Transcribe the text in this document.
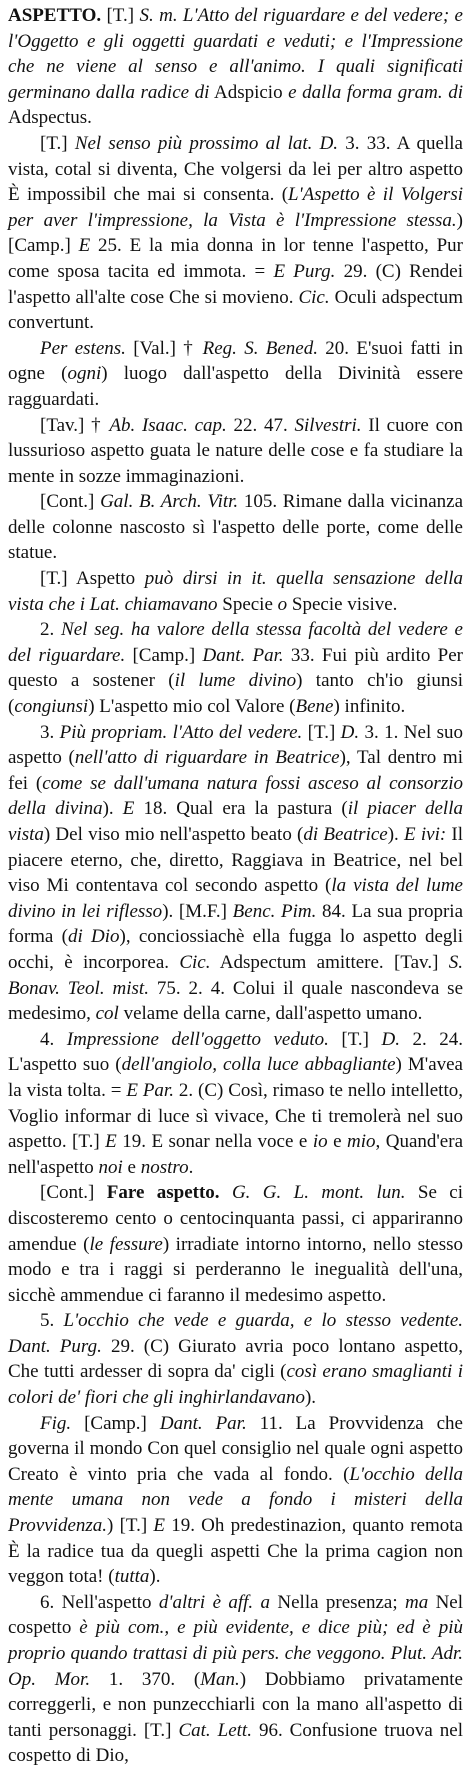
ASPETTO. [T.] S. m. L'Atto del riguardare e del vedere; e l'Oggetto e gli oggetti guardati e veduti; e l'Impressione che ne viene al senso e all'animo. I quali significati germinano dalla radice di Adspicio e dalla forma gram. di Adspectus.

[T.] Nel senso più prossimo al lat. D. 3. 33. A quella vista, cotal si diventa, Che volgersi da lei per altro aspetto È impossibil che mai si consenta. (L'Aspetto è il Volgersi per aver l'impressione, la Vista è l'Impressione stessa.) [Camp.] E 25. E la mia donna in lor tenne l'aspetto, Pur come sposa tacita ed immota. = E Purg. 29. (C) Rendei l'aspetto all'alte cose Che si movieno. Cic. Oculi adspectum convertunt.

Per estens. [Val.] † Reg. S. Bened. 20. E'suoi fatti in ogne (ogni) luogo dall'aspetto della Divinità essere ragguardati.

[Tav.] † Ab. Isaac. cap. 22. 47. Silvestri. Il cuore con lussurioso aspetto guata le nature delle cose e fa studiare la mente in sozze immaginazioni.

[Cont.] Gal. B. Arch. Vitr. 105. Rimane dalla vicinanza delle colonne nascosto sì l'aspetto delle porte, come delle statue.

[T.] Aspetto può dirsi in it. quella sensazione della vista che i Lat. chiamavano Specie o Specie visive.

2. Nel seg. ha valore della stessa facoltà del vedere e del riguardare. [Camp.] Dant. Par. 33. Fui più ardito Per questo a sostener (il lume divino) tanto ch'io giunsi (congiunsi) L'aspetto mio col Valore (Bene) infinito.

3. Più propriam. l'Atto del vedere. [T.] D. 3. 1. Nel suo aspetto (nell'atto di riguardare in Beatrice), Tal dentro mi fei (come se dall'umana natura fossi asceso al consorzio della divina). E 18. Qual era la pastura (il piacer della vista) Del viso mio nell'aspetto beato (di Beatrice). E ivi: Il piacere eterno, che, diretto, Raggiava in Beatrice, nel bel viso Mi contentava col secondo aspetto (la vista del lume divino in lei riflesso). [M.F.] Benc. Pim. 84. La sua propria forma (di Dio), conciossiachè ella fugga lo aspetto degli occhi, è incorporea. Cic. Adspectum amittere. [Tav.] S. Bonav. Teol. mist. 75. 2. 4. Colui il quale nascondeva se medesimo, col velame della carne, dall'aspetto umano.

4. Impressione dell'oggetto veduto. [T.] D. 2. 24. L'aspetto suo (dell'angiolo, colla luce abbagliante) M'avea la vista tolta. = E Par. 2. (C) Così, rimaso te nello intelletto, Voglio informar di luce sì vivace, Che ti tremolerà nel suo aspetto. [T.] E 19. E sonar nella voce e io e mio, Quand'era nell'aspetto noi e nostro.

[Cont.] Fare aspetto. G. G. L. mont. lun. Se ci discosteremo cento o centocinquanta passi, ci appariranno amendue (le fessure) irradiate intorno intorno, nello stesso modo e tra i raggi si perderanno le inegualità dell'una, sicchè ammendue ci faranno il medesimo aspetto.

5. L'occhio che vede e guarda, e lo stesso vedente. Dant. Purg. 29. (C) Giurato avria poco lontano aspetto, Che tutti ardesser di sopra da' cigli (così erano smaglianti i colori de' fiori che gli inghirlandavano).

Fig. [Camp.] Dant. Par. 11. La Provvidenza che governa il mondo Con quel consiglio nel quale ogni aspetto Creato è vinto pria che vada al fondo. (L'occhio della mente umana non vede a fondo i misteri della Provvidenza.) [T.] E 19. Oh predestinazion, quanto remota È la radice tua da quegli aspetti Che la prima cagion non veggon tota! (tutta).

6. Nell'aspetto d'altri è aff. a Nella presenza; ma Nel cospetto è più com., e più evidente, e dice più; ed è più proprio quando trattasi di più pers. che veggono. Plut. Adr. Op. Mor. 1. 370. (Man.) Dobbiamo privatamente correggerli, e non punzecchiarli con la mano all'aspetto di tanti personaggi. [T.] Cat. Lett. 96. Confusione truova nel cospetto di Dio,
